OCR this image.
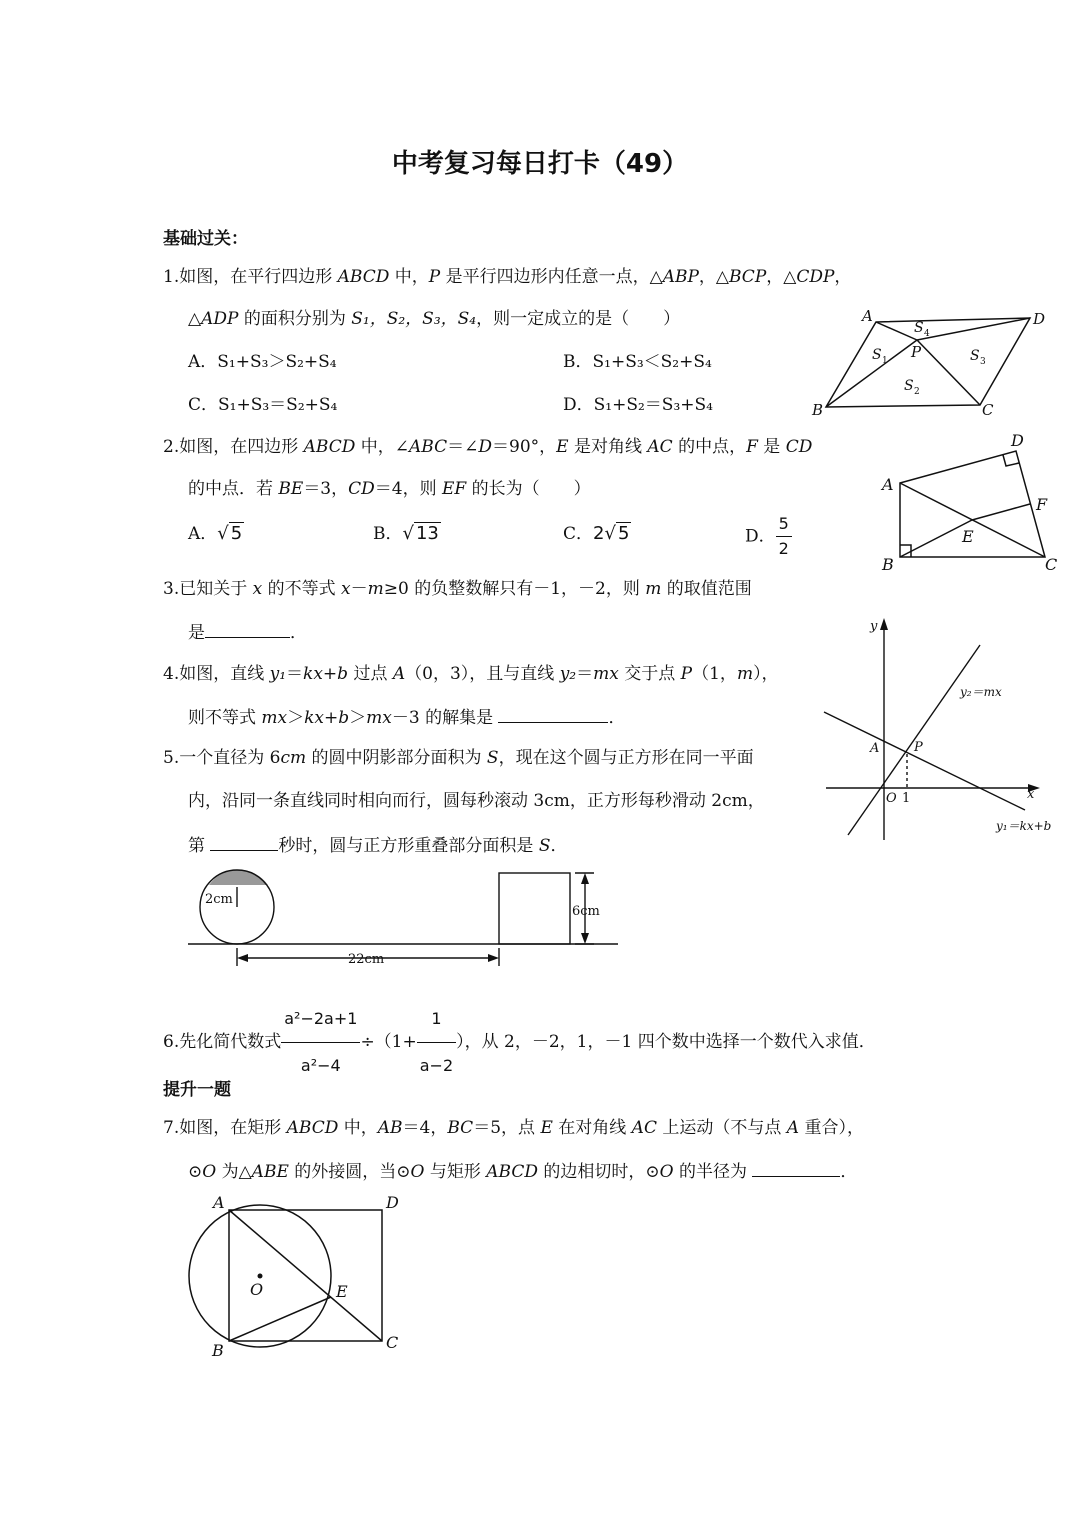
中考复习每日打卡（49）
基础过关：
1.如图，在平行四边形 ABCD 中，P 是平行四边形内任意一点，△ABP，△BCP，△CDP，
△ADP 的面积分别为 S₁，S₂，S₃，S₄，则一定成立的是（　　）
A．S₁+S₃＞S₂+S₄	B．S₁+S₃＜S₂+S₄
C．S₁+S₃＝S₂+S₄	D．S₁+S₂＝S₃+S₄
A	D
B	C
P
S 1
S 2
S 3
S 4
2.如图，在四边形 ABCD 中，∠ABC＝∠D＝90°，E 是对角线 AC 的中点，F 是 CD
的中点．若 BE＝3，CD＝4，则 EF 的长为（　　）
A．√ 5	B．√ 13	C．2√ 5	D． $\frac{5}{2}$
A
D
F
E
B	C
3.已知关于 x 的不等式 x－m≥0 的负整数解只有－1，－2，则 m 的取值范围
是	．
4.如图，直线 y₁＝kx+b 过点 A（0，3），且与直线 y₂＝mx 交于点 P（1，m），
则不等式 mx＞kx+b＞mx－3 的解集是	．
y
x
O 1
A	P
y₂＝mx
y₁＝kx+b
5.一个直径为 6cm 的圆中阴影部分面积为 S，现在这个圆与正方形在同一平面
内，沿同一条直线同时相向而行，圆每秒滚动 3cm，正方形每秒滑动 2cm，
第	秒时，圆与正方形重叠部分面积是 S．
2cm
6cm
22cm
6.先化简代数式 $\frac{\text{a²−2a+1}}{\text{a²−4}} \div(1+ \frac{1}{a-2}$ ），从 2，－2，1，－1 四个数中选择一个数代入求值．
提升一题
7.如图，在矩形 ABCD 中，AB＝4，BC＝5，点 E 在对角线 AC 上运动（不与点 A 重合），
⊙O 为△ABE 的外接圆，当⊙O 与矩形 ABCD 的边相切时，⊙O 的半径为	．
A	D
B	C
E
O
